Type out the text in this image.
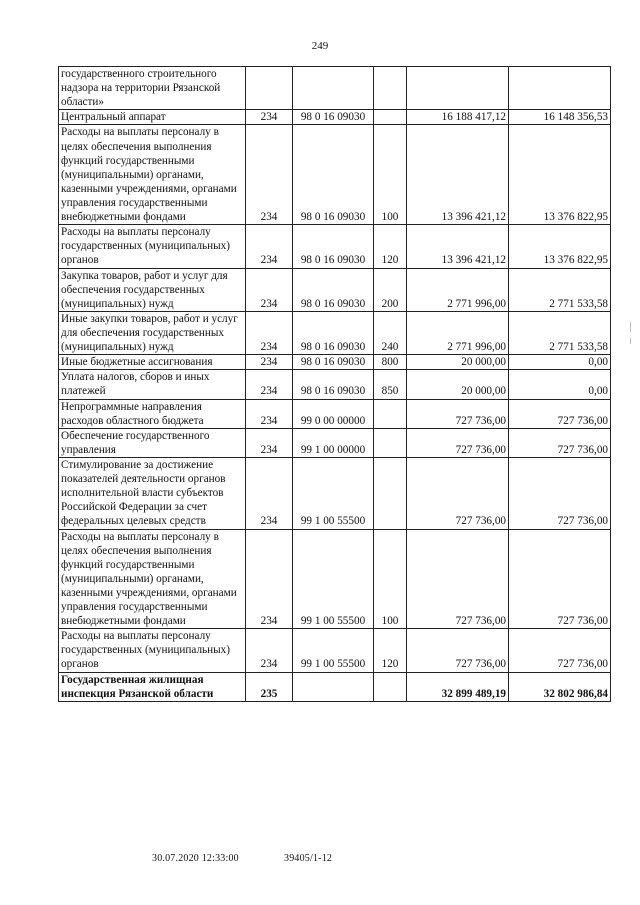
249
государственного строительного надзора на территории Рязанской области»					
Центральный аппарат	234	98 0 16 09030		16 188 417,12	16 148 356,53
Расходы на выплаты персоналу в целях обеспечения выполнения функций государственными (муниципальными) органами, казенными учреждениями, органами управления государственными внебюджетными фондами	234	98 0 16 09030	100	13 396 421,12	13 376 822,95
Расходы на выплаты персоналу государственных (муниципальных) органов	234	98 0 16 09030	120	13 396 421,12	13 376 822,95
Закупка товаров, работ и услуг для обеспечения государственных (муниципальных) нужд	234	98 0 16 09030	200	2 771 996,00	2 771 533,58
Иные закупки товаров, работ и услуг для обеспечения государственных (муниципальных) нужд	234	98 0 16 09030	240	2 771 996,00	2 771 533,58
Иные бюджетные ассигнования	234	98 0 16 09030	800	20 000,00	0,00
Уплата налогов, сборов и иных платежей	234	98 0 16 09030	850	20 000,00	0,00
Непрограммные направления расходов областного бюджета	234	99 0 00 00000		727 736,00	727 736,00
Обеспечение государственного управления	234	99 1 00 00000		727 736,00	727 736,00
Стимулирование за достижение показателей деятельности органов исполнительной власти субъектов Российской Федерации за счет федеральных целевых средств	234	99 1 00 55500		727 736,00	727 736,00
Расходы на выплаты персоналу в целях обеспечения выполнения функций государственными (муниципальными) органами, казенными учреждениями, органами управления государственными внебюджетными фондами	234	99 1 00 55500	100	727 736,00	727 736,00
Расходы на выплаты персоналу государственных (муниципальных) органов	234	99 1 00 55500	120	727 736,00	727 736,00
Государственная жилищная инспекция Рязанской области	235			32 899 489,19	32 802 986,84
30.07.2020 12:33:00	39405/1-12
